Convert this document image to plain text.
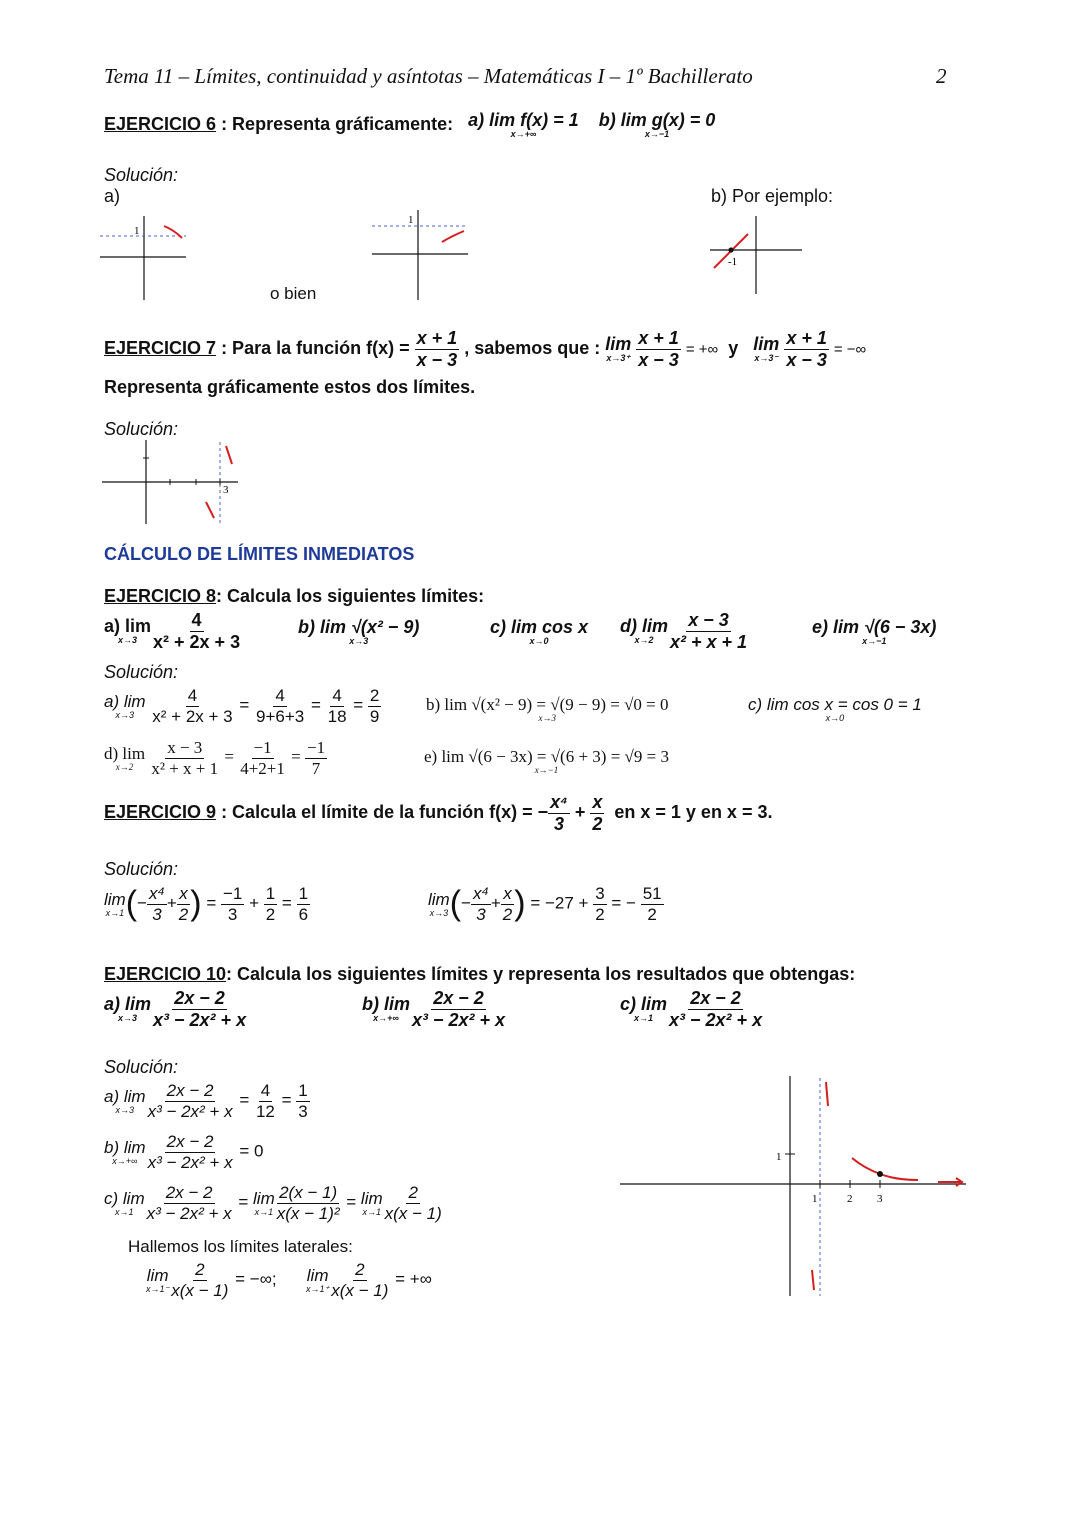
Tema 11 – Límites, continuidad y asíntotas – Matemáticas I – 1º Bachillerato	2
EJERCICIO 6 : Representa gráficamente: a) lim f(x) = 1
x→+∞

b) lim g(x) = 0
x→−1
Solución:
a)
o bien
b) Por ejemplo:
1
1
-1
EJERCICIO 7 : Para la función $f(x) = \frac{x + 1}{x - 3}$ , sabemos que : lim
x→3⁺
$\frac{x + 1}{x - 3}$ = +∞ y lim
x→3⁻
$\frac{x + 1}{x - 3}$ = −∞
Representa gráficamente estos dos límites.
Solución:
3
CÁLCULO DE LÍMITES INMEDIATOS
EJERCICIO 8: Calcula los siguientes límites:
a) lim
$x\to 3 \frac{4}{\text{x² + 2x + 3}}$	b) lim √(x² − 9)
x→3
c) lim cos x
x→0
d) lim
$x\to 2 \frac{x - 3}{\text{x² + x + 1}}$	e) lim √(6 − 3x)
x→−1
Solución:
a) lim
x→3
$\frac{4}{\text{x² + 2x + 3}} = \frac{4}{9+6+3} = \frac{4}{18} = \frac{2}{9}$	b) lim √(x² − 9) = √(9 − 9) = √0 = 0
x→3
c) lim cos x = cos 0 = 1
x→0
d) lim
x→2
$\frac{x - 3}{\text{x² + x + 1}} = \frac{-1}{4+2+1} = \frac{-1}{7}$	e) lim √(6 − 3x) = √(6 + 3) = √9 = 3
x→−1
EJERCICIO 9 : Calcula el límite de la función f(x) = − $\frac{\text{x⁴}}{3} + \frac{x}{2}$ en x = 1 y en x = 3.
Solución:
lim
x→1 (− $\frac{\text{x⁴}}{3} + \frac{x}{2}$ ) = $\frac{-1}{3} + \frac{1}{2} = \frac{1}{6}$	lim
x→3 (− $\frac{\text{x⁴}}{3} + \frac{x}{2}$ ) = $-27 + \frac{3}{2}$ = − $\frac{51}{2}$
EJERCICIO 10: Calcula los siguientes límites y representa los resultados que obtengas:
a) lim
$x\to 3 \frac{2x - 2}{\text{x³ − 2x² + x}}$	b) lim
$x\to+\infty \frac{2x - 2}{\text{x³ − 2x² + x}}$	c) lim
$x\to 1 \frac{2x - 2}{\text{x³ − 2x² + x}}$
Solución:
a) lim
$x\to 3 \frac{2x - 2}{\text{x³ − 2x² + x}} = \frac{4}{12} = \frac{1}{3}$
b) lim
$x\to+\infty \frac{2x - 2}{\text{x³ − 2x² + x}} = 0$
c) lim
$x\to 1 \frac{2x - 2}{\text{x³ − 2x² + x}} = \lim$
$x\to 1 \frac{2(x - 1)}{\text{x(x − 1)²}} = \lim$
$x\to 1 \frac{2}{x(x - 1)}$
Hallemos los límites laterales:
lim
$x\to 1^- \frac{2}{x(x - 1)}$ = −∞; lim
$x\to 1^+ \frac{2}{x(x - 1)}$ = +∞
1
1	2 3
